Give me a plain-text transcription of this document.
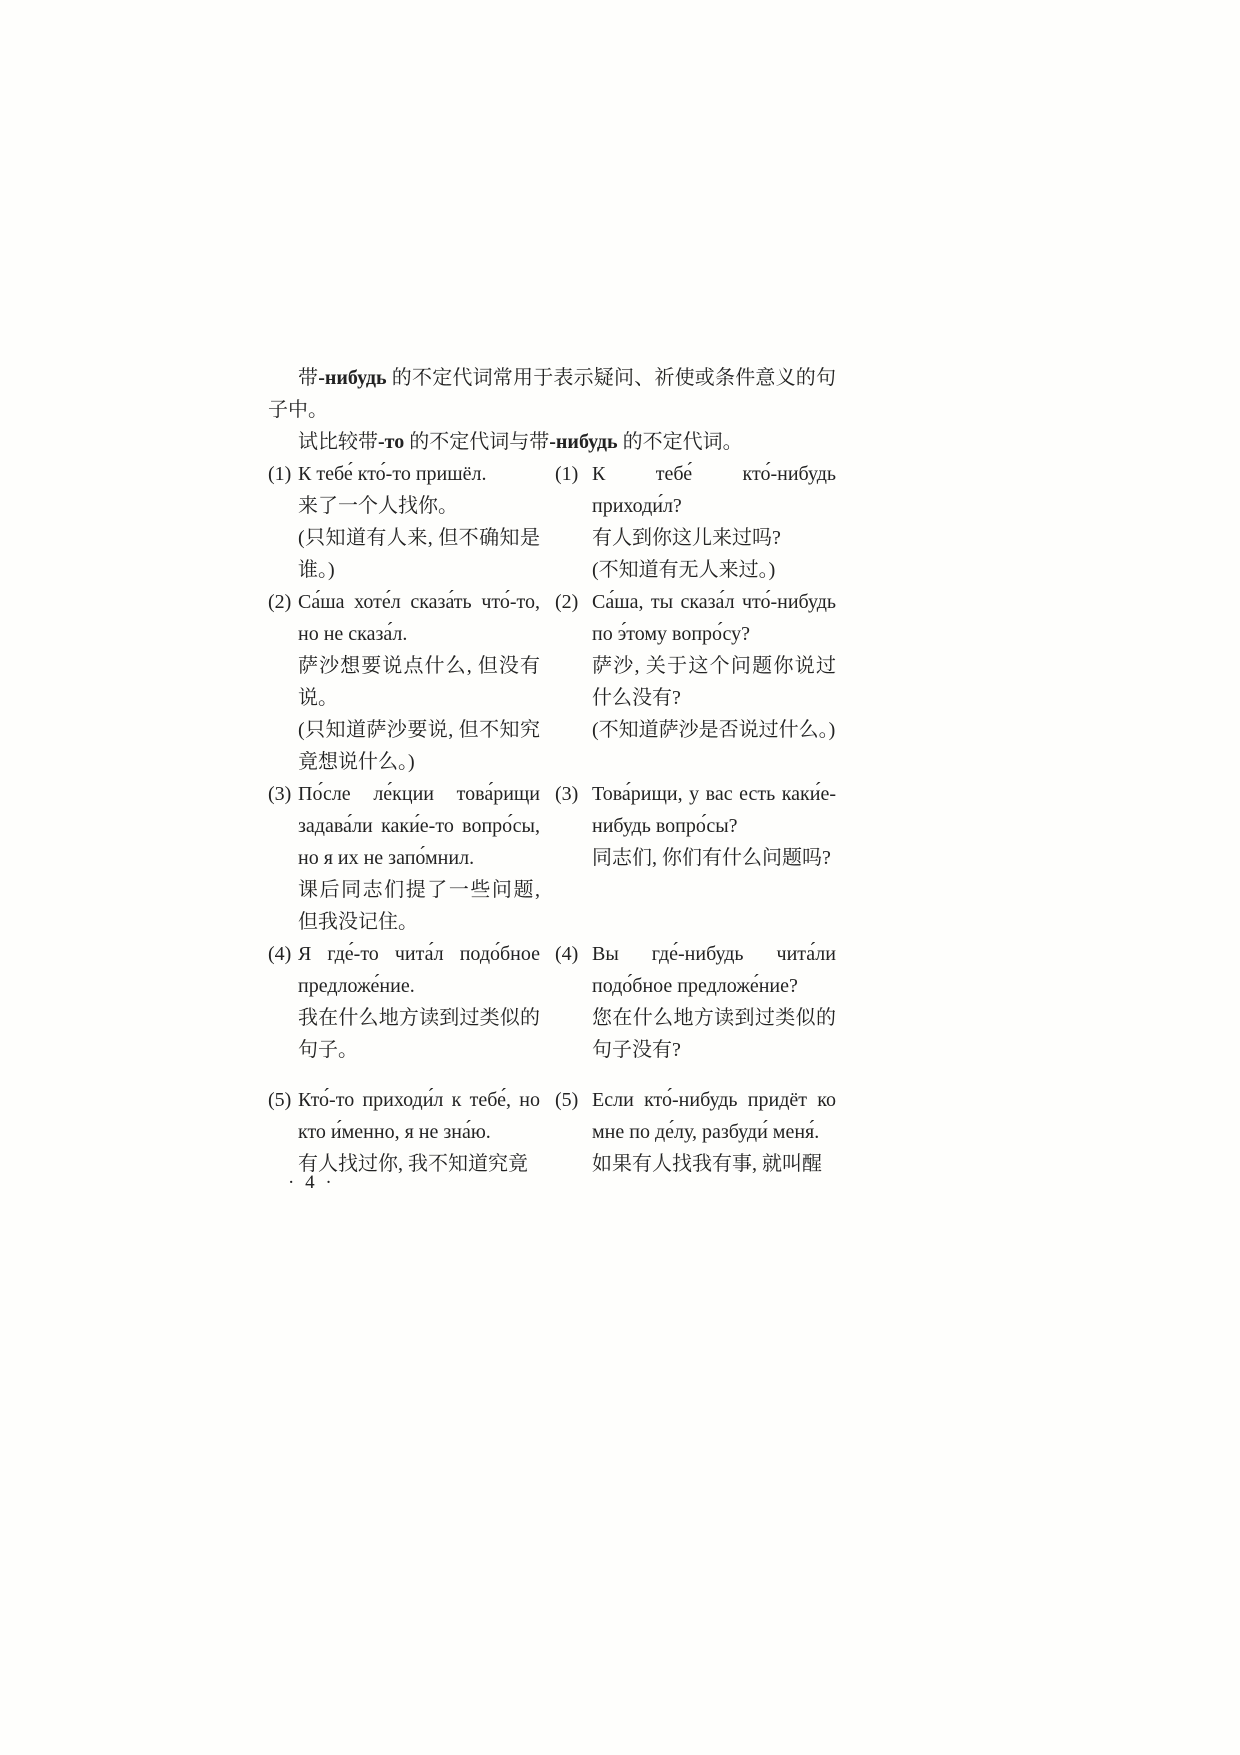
带-нибудь 的不定代词常用于表示疑问、祈使或条件意义的句子中。

试比较带-то 的不定代词与带-нибудь 的不定代词。

(1) К тебе́ кто́-то пришёл.
来了一个人找你。
(只知道有人来, 但不确知是谁。)
(1) К тебе́ кто́-нибудь приходи́л?
有人到你这儿来过吗?
(不知道有无人来过。)
(2) Са́ша хоте́л сказа́ть что́-то, но не сказа́л.
萨沙想要说点什么, 但没有说。
(只知道萨沙要说, 但不知究竟想说什么。)
(2) Са́ша, ты сказа́л что́-нибудь по э́тому вопро́су?
萨沙, 关于这个问题你说过什么没有?
(不知道萨沙是否说过什么。)
(3) По́сле ле́кции това́рищи задава́ли каки́е-то вопро́сы, но я их не запо́мнил.
课后同志们提了一些问题, 但我没记住。
(3) Това́рищи, у вас есть каки́е-нибудь вопро́сы?
同志们, 你们有什么问题吗?
(4) Я где́-то чита́л подо́бное предложе́ние.
我在什么地方读到过类似的句子。
(4) Вы где́-нибудь чита́ли подо́бное предложе́ние?
您在什么地方读到过类似的句子没有?
(5) Кто́-то приходи́л к тебе́, но кто и́менно, я не зна́ю.
有人找过你, 我不知道究竟
(5) Если кто́-нибудь придёт ко мне по де́лу, разбуди́ меня́.
如果有人找我有事, 就叫醒
· 4 ·
